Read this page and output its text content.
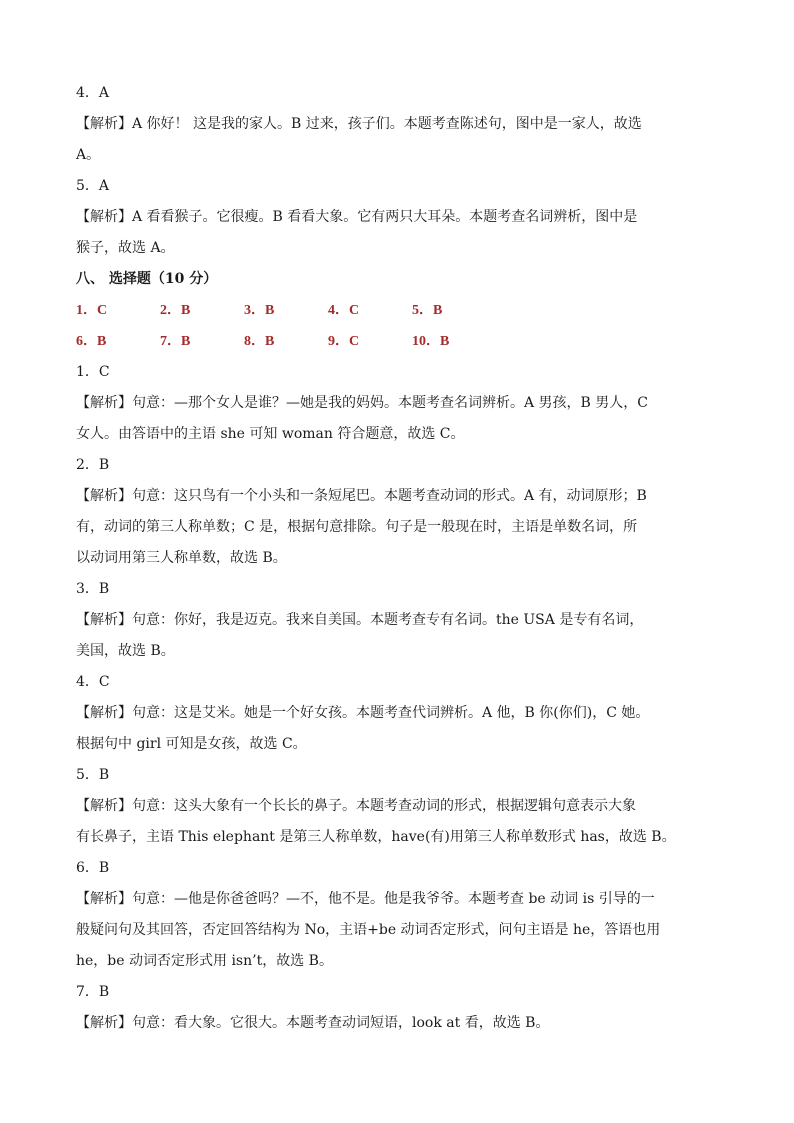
4．A
【解析】A 你好！ 这是我的家人。B 过来，孩子们。本题考查陈述句，图中是一家人，故选
A。
5．A
【解析】A 看看猴子。它很瘦。B 看看大象。它有两只大耳朵。本题考查名词辨析，图中是
猴子，故选 A。
八、 选择题（10 分）
1．C	2．B	3．B	4．C	5．B
6．B	7．B	8．B	9．C	10．B
1．C
【解析】句意：—那个女人是谁？—她是我的妈妈。本题考查名词辨析。A 男孩，B 男人，C
女人。由答语中的主语 she 可知 woman 符合题意，故选 C。
2．B
【解析】句意：这只鸟有一个小头和一条短尾巴。本题考查动词的形式。A 有，动词原形；B
有，动词的第三人称单数；C 是，根据句意排除。句子是一般现在时，主语是单数名词，所
以动词用第三人称单数，故选 B。
3．B
【解析】句意：你好，我是迈克。我来自美国。本题考查专有名词。the USA 是专有名词，
美国，故选 B。
4．C
【解析】句意：这是艾米。她是一个好女孩。本题考查代词辨析。A 他，B 你(你们)，C 她。
根据句中 girl 可知是女孩，故选 C。
5．B
【解析】句意：这头大象有一个长长的鼻子。本题考查动词的形式，根据逻辑句意表示大象
有长鼻子，主语 This elephant 是第三人称单数，have(有)用第三人称单数形式 has，故选 B。
6．B
【解析】句意：—他是你爸爸吗？—不，他不是。他是我爷爷。本题考查 be 动词 is 引导的一
般疑问句及其回答，否定回答结构为 No，主语+be 动词否定形式，问句主语是 he，答语也用
he，be 动词否定形式用 isn’t，故选 B。
7．B
【解析】句意：看大象。它很大。本题考查动词短语，look at 看，故选 B。
